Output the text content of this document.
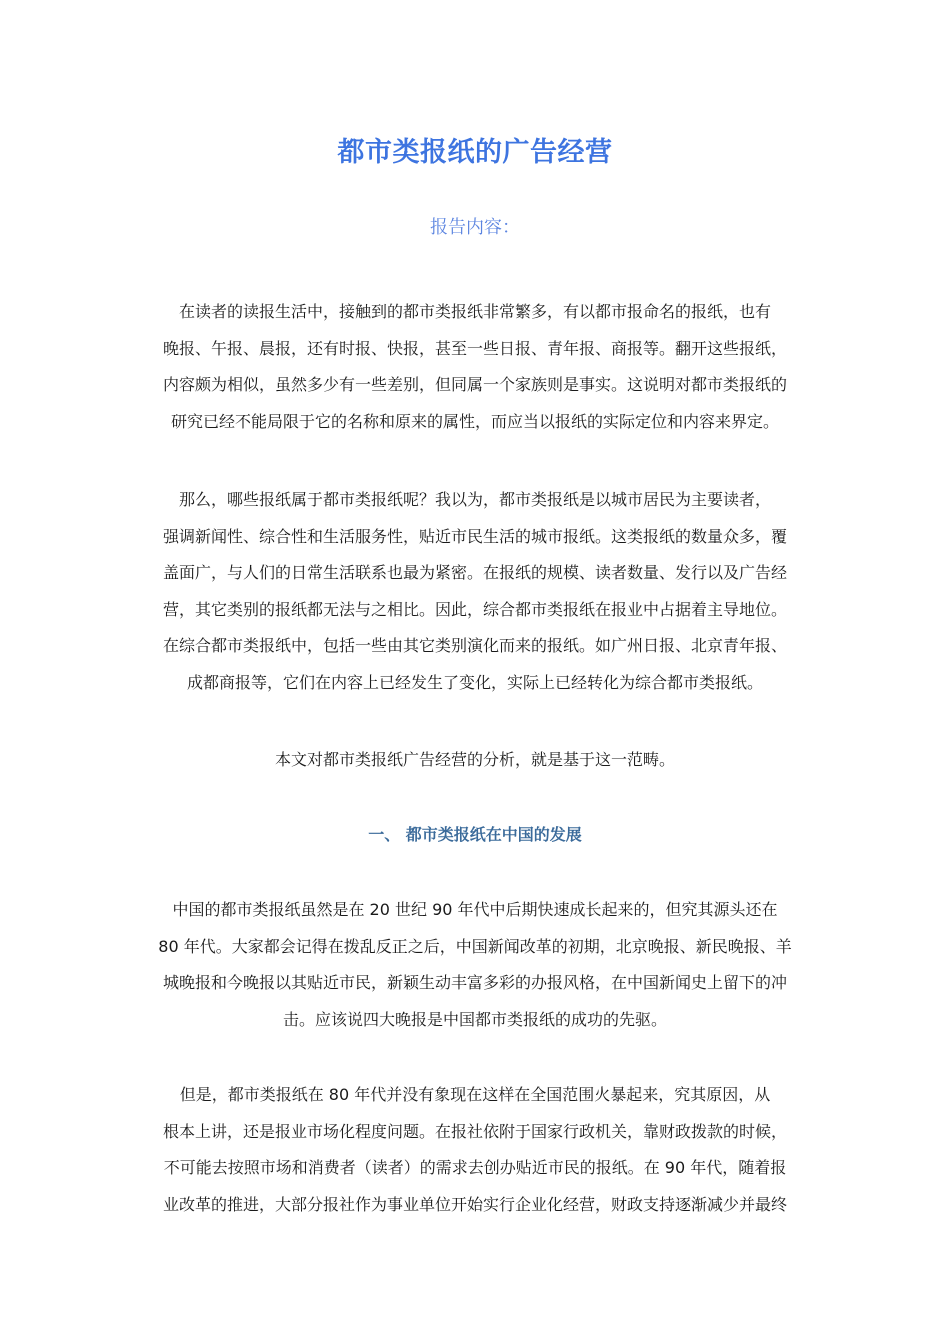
都市类报纸的广告经营
报告内容：
在读者的读报生活中，接触到的都市类报纸非常繁多，有以都市报命名的报纸，也有
晚报、午报、晨报，还有时报、快报，甚至一些日报、青年报、商报等。翻开这些报纸，
内容颇为相似，虽然多少有一些差别，但同属一个家族则是事实。这说明对都市类报纸的
研究已经不能局限于它的名称和原来的属性，而应当以报纸的实际定位和内容来界定。
那么，哪些报纸属于都市类报纸呢？我以为，都市类报纸是以城市居民为主要读者，
强调新闻性、综合性和生活服务性，贴近市民生活的城市报纸。这类报纸的数量众多，覆
盖面广，与人们的日常生活联系也最为紧密。在报纸的规模、读者数量、发行以及广告经
营，其它类别的报纸都无法与之相比。因此，综合都市类报纸在报业中占据着主导地位。
在综合都市类报纸中，包括一些由其它类别演化而来的报纸。如广州日报、北京青年报、
成都商报等，它们在内容上已经发生了变化，实际上已经转化为综合都市类报纸。
本文对都市类报纸广告经营的分析，就是基于这一范畴。
一、 都市类报纸在中国的发展
中国的都市类报纸虽然是在 20 世纪 90 年代中后期快速成长起来的，但究其源头还在
80 年代。大家都会记得在拨乱反正之后，中国新闻改革的初期，北京晚报、新民晚报、羊
城晚报和今晚报以其贴近市民，新颖生动丰富多彩的办报风格，在中国新闻史上留下的冲
击。应该说四大晚报是中国都市类报纸的成功的先驱。
但是，都市类报纸在 80 年代并没有象现在这样在全国范围火暴起来，究其原因，从
根本上讲，还是报业市场化程度问题。在报社依附于国家行政机关，靠财政拨款的时候，
不可能去按照市场和消费者（读者）的需求去创办贴近市民的报纸。在 90 年代，随着报
业改革的推进，大部分报社作为事业单位开始实行企业化经营，财政支持逐渐减少并最终
